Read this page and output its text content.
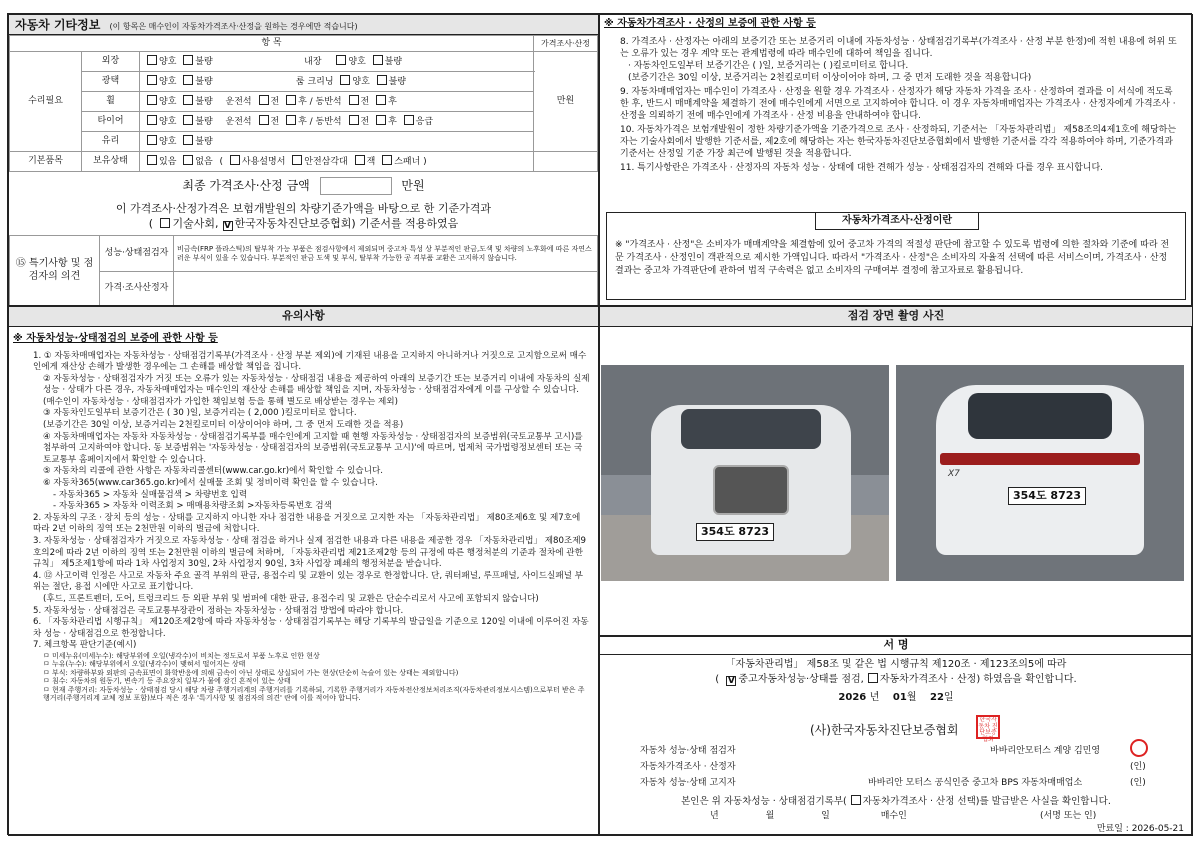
자동차 기타정보 (이 항목은 매수인이 자동차가격조사·산정을 원하는 경우에만 적습니다)
항 목			가격조사·산정
수리필요	외장	양호 불량 내장 양호 불량	만원
	광택	양호 불량 룸 크리닝 양호 불량	
	휠	양호 불량 운전석 전 후 / 동반석 전 후	
	타이어	양호 불량 운전석 전 후 / 동반석 전 후 응급	
	유리	양호 불량	
기본품목	보유상태	있음 없음 ( 사용설명서 안전삼각대 잭 스패너 )	
최종 가격조사·산정 금액	만원
이 가격조사·산정가격은 보험개발원의 차량기준가액을 바탕으로 한 기준가격과
( 기술사회, V 한국자동차진단보증협회) 기준서를 적용하였음
⑮ 특기사항 및 점검자의 의견	성능·상태점검자	비금속(FRP 플라스틱)의 탈부착 가능 부품은 점검사항에서 제외되며 중고차 특성 상 부분적인 판금,도색 및 차량의 노후화에 따른 자연스러운 부식이 있을 수 있습니다. 부분적인 판금 도색 및 부식, 탈부착 가능한 공 격부품 교환은 고지하지 않습니다.
	가격·조사산정자	
※ 자동차가격조사 · 산정의 보증에 관한 사항 등
8. 가격조사 · 산정자는 아래의 보증기간 또는 보증거리 이내에 자동차성능 · 상태점검기록부(가격조사 · 산정 부분 한정)에 적힌 내용에 허위 또는 오류가 있는 경우 계약 또는 관계법령에 따라 매수인에 대하여 책임을 집니다.
· 자동차인도일부터 보증기간은 ( )일, 보증거리는 ( )킬로미터로 합니다.
(보증기간은 30일 이상, 보증거리는 2천킬로미터 이상이어야 하며, 그 중 먼저 도래한 것을 적용합니다)
9. 자동차매매업자는 매수인이 가격조사 · 산정을 원할 경우 가격조사 · 산정자가 해당 자동차 가격을 조사 · 산정하여 결과를 이 서식에 적도록 한 후, 반드시 매매계약을 체결하기 전에 매수인에게 서면으로 고지하여야 합니다. 이 경우 자동차매매업자는 가격조사 · 산정자에게 가격조사 · 산정을 의뢰하기 전에 매수인에게 가격조사 · 산정 비용을 안내하여야 합니다.
10. 자동차가격은 보험개발원이 정한 차량기준가액을 기준가격으로 조사 · 산정하되, 기준서는 「자동차관리법」 제58조의4제1호에 해당하는 자는 기술사회에서 발행한 기준서를, 제2호에 해당하는 자는 한국자동차진단보증협회에서 발행한 기준서를 각각 적용하여야 하며, 기준가격과 기준서는 산정일 기준 가장 최근에 발행된 것을 적용합니다.
11. 특기사항란은 가격조사 · 산정자의 자동차 성능 · 상태에 대한 견해가 성능 · 상태점검자의 견해와 다를 경우 표시합니다.
자동차가격조사·산정이란
※ "가격조사 · 산정"은 소비자가 매매계약을 체결함에 있어 중고차 가격의 적절성 판단에 참고할 수 있도록 법령에 의한 절차와 기준에 따라 전문 가격조사 · 산정인이 객관적으로 제시한 가액입니다. 따라서 "가격조사 · 산정"은 소비자의 자율적 선택에 따른 서비스이며, 가격조사 · 산정 결과는 중고차 가격판단에 관하여 법적 구속력은 없고 소비자의 구매여부 결정에 참고자료로 활용됩니다.
유의사항
※ 자동차성능·상태점검의 보증에 관한 사항 등
1. ① 자동차매매업자는 자동차성능 · 상태점검기록부(가격조사 · 산정 부분 제외)에 기재된 내용을 고지하지 아니하거나 거짓으로 고지함으로써 매수인에게 재산상 손해가 발생한 경우에는 그 손해를 배상할 책임을 집니다.
② 자동차성능 · 상태점검자가 거짓 또는 오류가 있는 자동차성능 · 상태점검 내용을 제공하여 아래의 보증기간 또는 보증거리 이내에 자동차의 실제 성능 · 상태가 다른 경우, 자동차매매업자는 매수인의 재산상 손해를 배상할 책임을 지며, 자동차성능 · 상태점검자에게 이를 구상할 수 있습니다.(매수인이 자동차성능 · 상태점검자가 가입한 책임보험 등을 통해 별도로 배상받는 경우는 제외)
③ 자동차인도일부터 보증기간은 ( 30 )일, 보증거리는 ( 2,000 )킬로미터로 합니다.
(보증기간은 30일 이상, 보증거리는 2천킬로미터 이상이어야 하며, 그 중 먼저 도래한 것을 적용)
④ 자동차매매업자는 자동차 자동차성능 · 상태점검기록부를 매수인에게 고지할 때 현행 자동차성능 · 상태점검자의 보증범위(국토교통부 고시)를 첨부하여 고지하여야 합니다. 동 보증범위는 '자동차성능 · 상태점검자의 보증범위(국토교통부 고시)'에 따르며, 법제처 국가법령정보센터 또는 국토교통부 홈페이지에서 확인할 수 있습니다.
⑤ 자동차의 리콜에 관한 사항은 자동차리콜센터(www.car.go.kr)에서 확인할 수 있습니다.
⑥ 자동차365(www.car365.go.kr)에서 실매물 조회 및 정비이력 확인을 할 수 있습니다.
- 자동차365 > 자동차 실매물검색 > 차량번호 입력
- 자동차365 > 자동차 이력조회 > 매매용차량조회 >자동차등록번호 검색
2. 자동차의 구조 · 장치 등의 성능 · 상태를 고지하지 아니한 자나 점검한 내용을 거짓으로 고지한 자는 「자동차관리법」 제80조제6호 및 제7호에 따라 2년 이하의 징역 또는 2천만원 이하의 벌금에 처합니다.
3. 자동차성능 · 상태점검자가 거짓으로 자동차성능 · 상태 점검을 하거나 실제 점검한 내용과 다른 내용을 제공한 경우 「자동차관리법」 제80조제9호의2에 따라 2년 이하의 징역 또는 2천만원 이하의 벌금에 처하며, 「자동차관리법 제21조제2항 등의 규정에 따른 행정처분의 기준과 절차에 관한 규칙」 제5조제1항에 따라 1차 사업정지 30일, 2차 사업정지 90일, 3차 사업장 폐쇄의 행정처분을 받습니다.
4. ⑫ 사고이력 인정은 사고로 자동차 주요 골격 부위의 판금, 용접수리 및 교환이 있는 경우로 한정합니다. 단, 쿼터패널, 루프패널, 사이드실패널 부위는 절단, 용접 시에만 사고로 표기합니다.
(후드, 프론트펜더, 도어, 트렁크리드 등 외판 부위 및 범퍼에 대한 판금, 용접수리 및 교환은 단순수리로서 사고에 포함되지 않습니다)
5. 자동차성능 · 상태점검은 국토교통부장관이 정하는 자동차성능 · 상태점검 방법에 따라야 합니다.
6. 「자동차관리법 시행규칙」 제120조제2항에 따라 자동차성능 · 상태점검기록부는 해당 기록부의 발급일을 기준으로 120일 이내에 이루어진 자동차 성능 · 상태점검으로 한정합니다.
7. 체크항목 판단기준(예시)
ㅁ 미세누유(미세누수): 해당부위에 오일(냉각수)이 비치는 정도로서 부품 노후로 인한 현상
ㅁ 누유(누수): 해당부위에서 오일(냉각수)이 맺혀서 떨어지는 상태
ㅁ 부식: 차량하부와 외판의 금속표면이 화학반응에 의해 금속이 아닌 상태로 상실되어 가는 현상(단순히 녹슬어 있는 상태는 제외합니다)
ㅁ 침수: 자동차의 원동기, 변속기 등 주요장치 일부가 물에 잠긴 흔적이 있는 상태
ㅁ 현재 주행거리: 자동차성능 · 상태점검 당시 해당 차량 주행거리계의 주행거리를 기록하되, 기록한 주행거리가 자동차전산정보처리조직(자동차관리정보시스템)으로부터 받은 주행거리(주행거리계 교체 정보 포함)보다 적은 경우 '특기사항 및 점검자의 의견' 란에 이를 적어야 합니다.
점검 장면 촬영 사진
354도 8723
X7
354도 8723
서 명
「자동차관리법」 제58조 및 같은 법 시행규칙 제120조 · 제123조의5에 따라
( V 중고자동차성능·상태를 점검, 자동차가격조사 · 산정) 하였음을 확인합니다.
2026 년 01월 22일
(사)한국자동차진단보증협회
한국자동차 진단보증협회
자동차 성능·상태 점검자	바바리안모터스 계양 김민영
자동차가격조사 · 산정자	(인)
자동차 성능·상태 고지자	바바리안 모터스 공식인증 중고차 BPS 자동차매매업소	(인)
본인은 위 자동차성능 · 상태점검기록부( 자동차가격조사 · 산정 선택)를 발급받은 사실을 확인합니다.
년	월	일	매수인	(서명 또는 인)
만료일 : 2026-05-21
